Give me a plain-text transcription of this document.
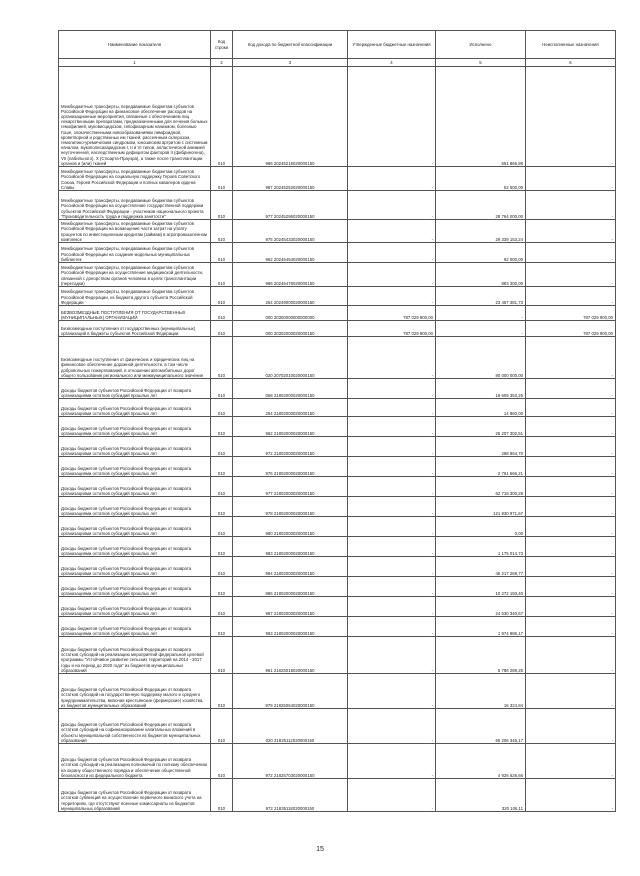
Наименование показателя	Код строки	Код дохода по бюджетной классификации	Утвержденные бюджетные назначения	Исполнено	Неисполненные назначения
1	2	3	4	5	6
Межбюджетные трансферты, передаваемые бюджетам субъектов Российской Федерации на финансовое обеспечение расходов на организационные мероприятия, связанные с обеспечением лиц лекарственными препаратами, предназначенными для лечения больных гемофилией, муковисцидозом, гипофизарным нанизмом, болезнью Гоше, злокачественными новообразованиями лимфоидной, кроветворной и родственных им тканей, рассеянным склерозом, гемолитико-уремическим синдромом, юношеским артритом с системным началом, мукополисахаридозом I, II и VI типов, апластической анемией неуточненной, наследственным дефицитом факторов II (фибриногена), VII (лабильного), X (Стюарта-Прауэра), а также после трансплантации органов и (или) тканей	010	986 20245216020000150	-	551 866,88	-
Межбюджетные трансферты, передаваемые бюджетам субъектов Российской Федерации на социальную поддержку Героев Советского Союза, Героев Российской Федерации и полных кавалеров ордена Славы	010	987 20245252020000150	-	52 500,00	-
Межбюджетные трансферты, передаваемые бюджетам субъектов Российской Федерации на осуществление государственной поддержки субъектов Российской Федерации - участников национального проекта "Производительность труда и поддержка занятости"	010	977 20245296020000150	-	28 764 000,00	-
Межбюджетные трансферты, передаваемые бюджетам субъектов Российской Федерации на возмещение части затрат на уплату процентов по инвестиционным кредитам (займам) в агропромышленном комплексе	010	975 20245433020000150	-	29 339 153,24	-
Межбюджетные трансферты, передаваемые бюджетам субъектов Российской Федерации на создание модельных муниципальных библиотек	010	962 20245454020000150	-	92 000,00	-
Межбюджетные трансферты, передаваемые бюджетам субъектов Российской Федерации на осуществление медицинской деятельности, связанной с донорством органов человека в целях трансплантации (пересадки)	010	986 20245476020000150	-	883 300,00	-
Межбюджетные трансферты, передаваемые бюджетам субъектов Российской Федерации, из бюджета другого субъекта Российской Федерации	010	254 20249000020000150	-	23 457 381,73	-
БЕЗВОЗМЕЗДНЫЕ ПОСТУПЛЕНИЯ ОТ ГОСУДАРСТВЕННЫХ (МУНИЦИПАЛЬНЫХ) ОРГАНИЗАЦИЙ	010	000 20300000000000000	787 029 900,00	-	787 029 900,00
Безвозмездные поступления от государственных (муниципальных) организаций в бюджеты субъектов Российской Федерации	010	000 20302000020000150	787 029 900,00	-	787 029 900,00
Безвозмездные поступления от физических и юридических лиц на финансовое обеспечение дорожной деятельности, в том числе добровольных пожертвований, в отношении автомобильных дорог общего пользования регионального или межмуниципального значения	010	020 20702010020000150	-	80 000 000,00	-
Доходы бюджетов субъектов Российской Федерации от возврата организациями остатков субсидий прошлых лет	010	068 21802000020000150	-	18 609 353,25	-
Доходы бюджетов субъектов Российской Федерации от возврата организациями остатков субсидий прошлых лет	010	254 21802000020000150	-	14 860,00	-
Доходы бюджетов субъектов Российской Федерации от возврата организациями остатков субсидий прошлых лет	010	962 21802000020000150	-	25 207 302,51	-
Доходы бюджетов субъектов Российской Федерации от возврата организациями остатков субсидий прошлых лет	010	972 21802000020000150	-	288 864,70	-
Доходы бюджетов субъектов Российской Федерации от возврата организациями остатков субсидий прошлых лет	010	976 21802000020000150	-	2 761 666,21	-
Доходы бюджетов субъектов Российской Федерации от возврата организациями остатков субсидий прошлых лет	010	977 21802000020000150	-	62 719 300,28	-
Доходы бюджетов субъектов Российской Федерации от возврата организациями остатков субсидий прошлых лет	010	978 21802000020000150	-	121 830 971,67	-
Доходы бюджетов субъектов Российской Федерации от возврата организациями остатков субсидий прошлых лет	010	980 21802000020000150	-	0,00	-
Доходы бюджетов субъектов Российской Федерации от возврата организациями остатков субсидий прошлых лет	010	983 21802000020000150	-	1 175 014,73	-
Доходы бюджетов субъектов Российской Федерации от возврата организациями остатков субсидий прошлых лет	010	984 21802000020000150	-	45 217 269,77	-
Доходы бюджетов субъектов Российской Федерации от возврата организациями остатков субсидий прошлых лет	010	986 21802000020000150	-	10 272 193,40	-
Доходы бюджетов субъектов Российской Федерации от возврата организациями остатков субсидий прошлых лет	010	987 21802000020000150	-	24 530 340,67	-
Доходы бюджетов субъектов Российской Федерации от возврата организациями остатков субсидий прошлых лет	010	993 21802000020000150	-	1 974 886,17	-
Доходы бюджетов субъектов Российской Федерации от возврата остатков субсидий на реализацию мероприятий федеральной целевой программы "Устойчивое развитие сельских территорий на 2014 - 2017 годы и на период до 2020 года" из бюджетов муниципальных образований	010	961 21825018020000150	-	5 786 289,25	-
Доходы бюджетов субъектов Российской Федерации от возврата остатков субсидий на государственную поддержку малого и среднего предпринимательства, включая крестьянские (фермерские) хозяйства, из бюджетов муниципальных образований	010	979 21825064020000150	-	16 324,84	-
Доходы бюджетов субъектов Российской Федерации от возврата остатков субсидий на софинансирование капитальных вложений в объекты муниципальной собственности из бюджетов муниципальных образований	010	020 21825112020000150	-	65 206 345,17	-
Доходы бюджетов субъектов Российской Федерации от возврата остатков субсидий на реализацию полномочий по полному обеспечению на охрану общественного порядка и обеспечение общественной безопасности из федерального бюджета	010	972 21825703020000150	-	4 926 626,66	-
Доходы бюджетов субъектов Российской Федерации от возврата остатков субвенций на осуществление первичного воинского учета на территориях, где отсутствуют военные комиссариаты из бюджетов муниципальных образований	010	972 21835118020000150	-	320 106,11	-
15
